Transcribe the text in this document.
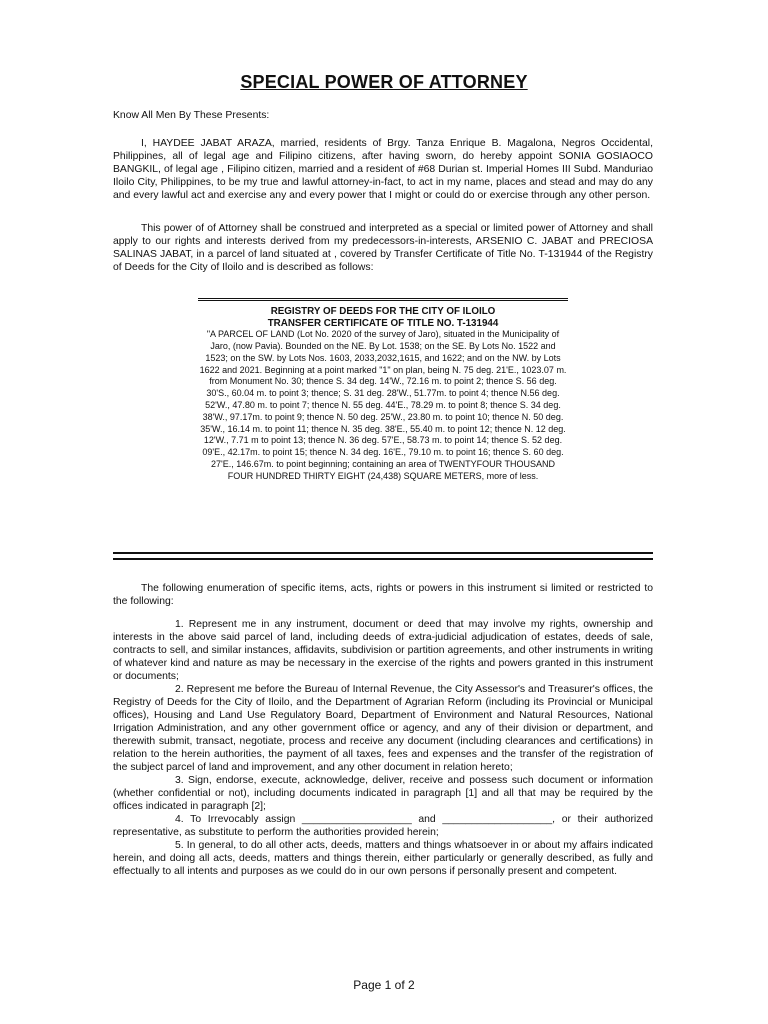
SPECIAL POWER OF ATTORNEY
Know All Men By These Presents:

I, HAYDEE JABAT ARAZA, married, residents of Brgy. Tanza Enrique B. Magalona, Negros Occidental, Philippines, all of legal age and Filipino citizens, after having sworn, do hereby appoint SONIA GOSIAOCO BANGKIL, of legal age , Filipino citizen, married and a resident of #68 Durian st. Imperial Homes III Subd. Manduriao Iloilo City, Philippines, to be my true and lawful attorney-in-fact, to act in my name, places and stead and may do any and every lawful act and exercise any and every power that I might or could do or exercise through any other person.

This power of of Attorney shall be construed and interpreted as a special or limited power of Attorney and shall apply to our rights and interests derived from my predecessors-in-interests, ARSENIO C. JABAT and PRECIOSA SALINAS JABAT, in a parcel of land situated at , covered by Transfer Certificate of Title No. T-131944 of the Registry of Deeds for the City of Iloilo and is described as follows:

REGISTRY OF DEEDS FOR THE CITY OF ILOILO
TRANSFER CERTIFICATE OF TITLE NO. T-131944
"A PARCEL OF LAND (Lot No. 2020 of the survey of Jaro), situated in the Municipality of Jaro, (now Pavia). Bounded on the NE. By Lot. 1538; on the SE. By Lots No. 1522 and 1523; on the SW. by Lots Nos. 1603, 2033,2032,1615, and 1622; and on the NW. by Lots 1622 and 2021. Beginning at a point marked "1" on plan, being N. 75 deg. 21'E., 1023.07 m. from Monument No. 30; thence S. 34 deg. 14'W., 72.16 m. to point 2; thence S. 56 deg. 30'S., 60.04 m. to point 3; thence; S. 31 deg. 28'W., 51.77m. to point 4; thence N.56 deg. 52'W., 47.80 m. to point 7; thence N. 55 deg. 44'E., 78.29 m. to point 8; thence S. 34 deg. 38'W., 97.17m. to point 9; thence N. 50 deg. 25'W., 23.80 m. to point 10; thence N. 50 deg. 35'W., 16.14 m. to point 11; thence N. 35 deg. 38'E., 55.40 m. to point 12; thence N. 12 deg. 12'W., 7.71 m to point 13; thence N. 36 deg. 57'E., 58.73 m. to point 14; thence S. 52 deg. 09'E., 42.17m. to point 15; thence N. 34 deg. 16'E., 79.10 m. to point 16; thence S. 60 deg. 27'E., 146.67m. to point beginning; containing an area of TWENTYFOUR THOUSAND FOUR HUNDRED THIRTY EIGHT (24,438) SQUARE METERS, more of less.

The following enumeration of specific items, acts, rights or powers in this instrument si limited or restricted to the following:

1. Represent me in any instrument, document or deed that may involve my rights, ownership and interests in the above said parcel of land, including deeds of extra-judicial adjudication of estates, deeds of sale, contracts to sell, and similar instances, affidavits, subdivision or partition agreements, and other instruments in writing of whatever kind and nature as may be necessary in the exercise of the rights and powers granted in this instrument or documents;

2. Represent me before the Bureau of Internal Revenue, the City Assessor's and Treasurer's offices, the Registry of Deeds for the City of Iloilo, and the Department of Agrarian Reform (including its Provincial or Municipal offices), Housing and Land Use Regulatory Board, Department of Environment and Natural Resources, National Irrigation Administration, and any other government office or agency, and any of their division or department, and therewith submit, transact, negotiate, process and receive any document (including clearances and certifications) in relation to the herein authorities, the payment of all taxes, fees and expenses and the transfer of the registration of the subject parcel of land and improvement, and any other document in relation hereto;

3. Sign, endorse, execute, acknowledge, deliver, receive and possess such document or information (whether confidential or not), including documents indicated in paragraph [1] and all that may be required by the offices indicated in paragraph [2];

4. To Irrevocably assign ___________________ and ___________________, or their authorized representative, as substitute to perform the authorities provided herein;

5. In general, to do all other acts, deeds, matters and things whatsoever in or about my affairs indicated herein, and doing all acts, deeds, matters and things therein, either particularly or generally described, as fully and effectually to all intents and purposes as we could do in our own persons if personally present and competent.

Page 1 of 2
